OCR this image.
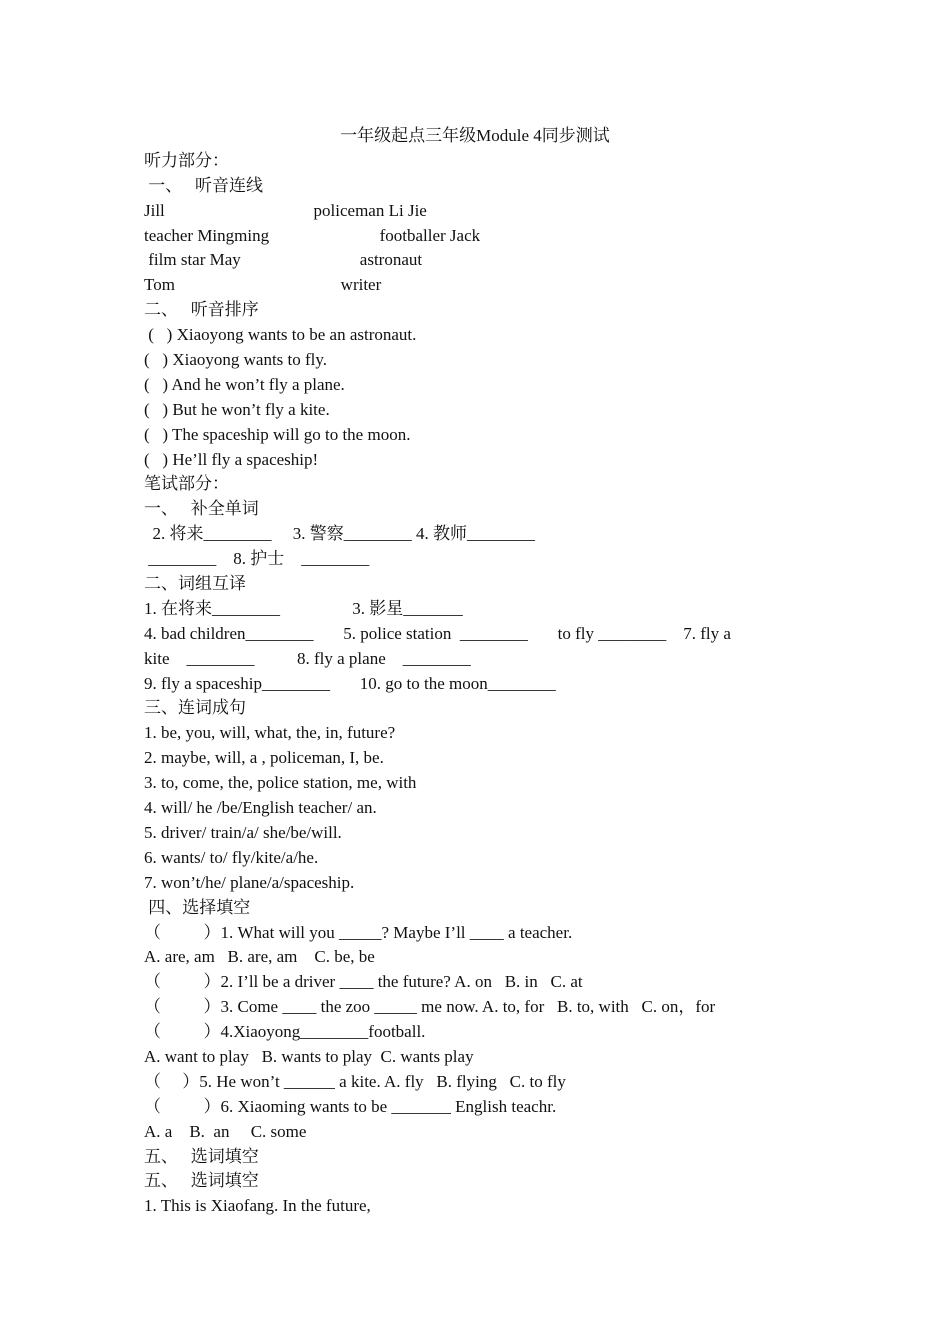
一年级起点三年级Module 4同步测试
听力部分：
一、   听音连线
Jill                                   policeman Li Jie
teacher Mingming                          footballer Jack
film star May                            astronaut
Tom                                       writer
二、   听音排序
(   ) Xiaoyong wants to be an astronaut.
(   ) Xiaoyong wants to fly.
(   ) And he won’t fly a plane.
(   ) But he won’t fly a kite.
(   ) The spaceship will go to the moon.
(   ) He’ll fly a spaceship!
笔试部分：
一、   补全单词
2. 将来________     3. 警察________ 4. 教师________
________    8. 护士    ________
二、词组互译
1. 在将来________                 3. 影星_______
4. bad children________       5. police station  ________       to fly ________    7. fly a
kite    ________          8. fly a plane    ________
9. fly a spaceship________       10. go to the moon________
三、连词成句
1. be, you, will, what, the, in, future?
2. maybe, will, a , policeman, I, be.
3. to, come, the, police station, me, with
4. will/ he /be/English teacher/ an.
5. driver/ train/a/ she/be/will.
6. wants/ to/ fly/kite/a/he.
7. won’t/he/ plane/a/spaceship.
四、选择填空
（          ）1. What will you _____? Maybe I’ll ____ a teacher.
A. are, am   B. are, am    C. be, be
（          ）2. I’ll be a driver ____ the future? A. on   B. in   C. at
（          ）3. Come ____ the zoo _____ me now. A. to, for   B. to, with   C. on，for
（          ）4.Xiaoyong________football.
A. want to play   B. wants to play  C. wants play
（     ）5. He won’t ______ a kite. A. fly   B. flying   C. to fly
（          ）6. Xiaoming wants to be _______ English teachr.
A. a    B.  an     C. some
五、   选词填空
五、   选词填空
1. This is Xiaofang. In the future,
